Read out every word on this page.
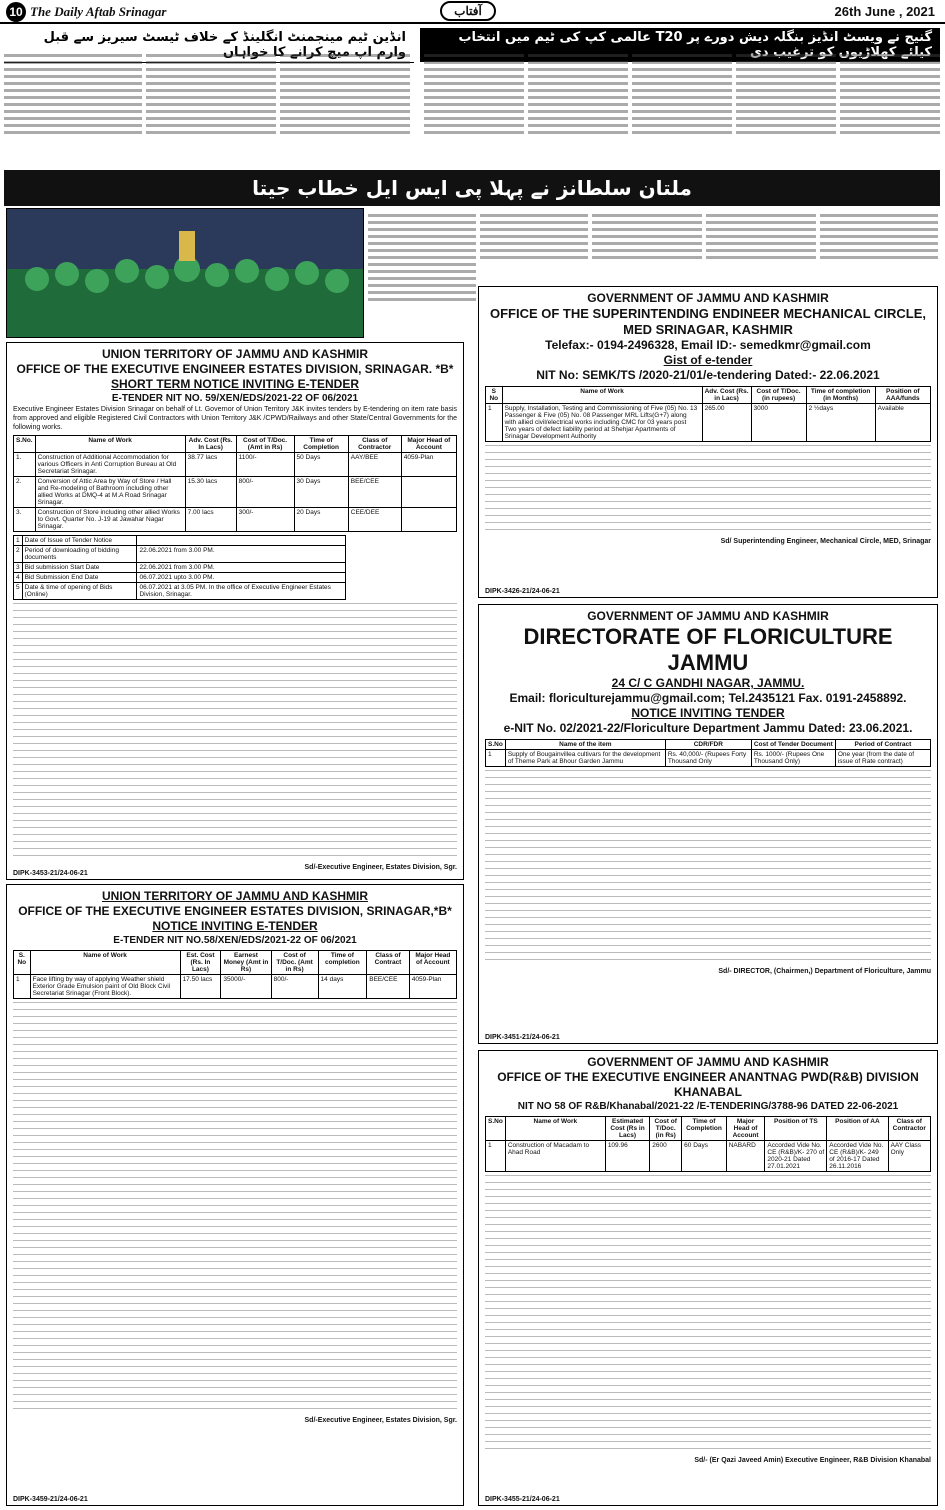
10 The Daily Aftab Srinagar	آفتاب	26th June , 2021
گنیج نے ویسٹ انڈیز بنگلہ دیش دورے پر T20 عالمی کپ کی ٹیم میں انتخاب کیلئے کھلاڑیوں کو ترغیب دی
انڈین ٹیم مینجمنٹ انگلینڈ کے خلاف ٹیسٹ سیریز سے قبل وارم اپ میچ کرانے کا خواہاں
ملتان سلطانز نے پہلا پی ایس ایل خطاب جیتا
UNION TERRITORY OF JAMMU AND KASHMIR
OFFICE OF THE EXECUTIVE ENGINEER ESTATES DIVISION, SRINAGAR. *B*
SHORT TERM NOTICE INVITING E-TENDER
E-TENDER NIT NO. 59/XEN/EDS/2021-22 OF 06/2021
Executive Engineer Estates Division Srinagar on behalf of Lt. Governor of Union Territory J&K invites tenders by E-tendering on item rate basis from approved and eligible Registered Civil Contractors with Union Territory J&K /CPWD/Railways and other State/Central Governments for the following works.
S.No.	Name of Work	Adv. Cost (Rs. In Lacs)	Cost of T/Doc. (Amt in Rs)	Time of Completion	Class of Contractor	Major Head of Account
1.	Construction of Additional Accommodation for various Officers in Anti Corruption Bureau at Old Secretariat Srinagar.	38.77 lacs	1100/-	50 Days	AAY/BEE	4059-Plan
2.	Conversion of Attic Area by Way of Store / Hall and Re-modeling of Bathroom including other allied Works at DMQ-4 at M.A Road Srinagar Srinagar.	15.30 lacs	800/-	30 Days	BEE/CEE	
3.	Construction of Store including other allied Works to Govt. Quarter No. J-19 at Jawahar Nagar Srinagar.	7.00 lacs	300/-	20 Days	CEE/DEE	
1	Date of Issue of Tender Notice	
2	Period of downloading of bidding documents	22.06.2021 from 3.00 PM.
3	Bid submission Start Date	22.06.2021 from 3.00 PM.
4	Bid Submission End Date	06.07.2021 upto 3.00 PM.
5	Date & time of opening of Bids (Online)	06.07.2021 at 3.05 PM. In the office of Executive Engineer Estates Division, Srinagar.
Sd/-Executive Engineer, Estates Division, Sgr.
DIPK-3453-21/24-06-21
UNION TERRITORY OF JAMMU AND KASHMIR
OFFICE OF THE EXECUTIVE ENGINEER ESTATES DIVISION, SRINAGAR,*B*
NOTICE INVITING E-TENDER
E-TENDER NIT NO.58/XEN/EDS/2021-22 OF 06/2021
S. No	Name of Work	Est. Cost (Rs. In Lacs)	Earnest Money (Amt in Rs)	Cost of T/Doc. (Amt in Rs)	Time of completion	Class of Contract	Major Head of Account
1	Face lifting by way of applying Weather shield Exterior Grade Emulsion paint of Old Block Civil Secretariat Srinagar (Front Block).	17.50 lacs	35000/-	800/-	14 days	BEE/CEE	4059-Plan
Sd/-Executive Engineer, Estates Division, Sgr.
DIPK-3459-21/24-06-21
GOVERNMENT OF JAMMU AND KASHMIR
OFFICE OF THE SUPERINTENDING ENDINEER MECHANICAL CIRCLE, MED SRINAGAR, KASHMIR
Telefax:- 0194-2496328, Email ID:- semedkmr@gmail.com
Gist of e-tender
NIT No: SEMK/TS /2020-21/01/e-tendering Dated:- 22.06.2021
S No	Name of Work	Adv. Cost (Rs. in Lacs)	Cost of T/Doc. (in rupees)	Time of completion (in Months)	Position of AAA/funds
1	Supply, Installation, Testing and Commissioning of Five (05) No. 13 Passenger & Five (05) No. 08 Passenger MRL Lifts(G+7) along with allied civil/electrical works including CMC for 03 years post Two years of defect liability period at Shehjar Apartments of Srinagar Development Authority	265.00	3000	2 ½days	Available
Sd/ Superintending Engineer, Mechanical Circle, MED, Srinagar
DIPK-3426-21/24-06-21
GOVERNMENT OF JAMMU AND KASHMIR
DIRECTORATE OF FLORICULTURE JAMMU
24 C/ C GANDHI NAGAR, JAMMU.
Email: floriculturejammu@gmail.com; Tel.2435121 Fax. 0191-2458892.
NOTICE INVITING TENDER
e-NIT No. 02/2021-22/Floriculture Department Jammu Dated: 23.06.2021.
S.No	Name of the item	CDR/FDR	Cost of Tender Document	Period of Contract
1	Supply of Bougainvillea cultivars for the development of Theme Park at Bhour Garden Jammu	Rs. 40,000/- (Rupees Forty Thousand Only	Rs. 1000/- (Rupees One Thousand Only)	One year (from the date of issue of Rate contract)
Sd/- DIRECTOR, (Chairmen,) Department of Floriculture, Jammu
DIPK-3451-21/24-06-21
GOVERNMENT OF JAMMU AND KASHMIR
OFFICE OF THE EXECUTIVE ENGINEER ANANTNAG PWD(R&B) DIVISION KHANABAL
NIT NO 58 OF R&B/Khanabal/2021-22 /E-TENDERING/3788-96 DATED 22-06-2021
S.No	Name of Work	Estimated Cost (Rs in Lacs)	Cost of T/Doc. (in Rs)	Time of Completion	Major Head of Account	Position of TS	Position of AA	Class of Contractor
1	Construction of Macadam to Ahad Road	109.96	2600	60 Days	NABARD	Accorded Vide No. CE (R&B)/K- 270 of 2020-21 Dated 27.01.2021	Accorded Vide No. CE (R&B)/K- 249 of 2016-17 Dated 26.11.2016	AAY Class Only
Sd/- (Er Qazi Javeed Amin) Executive Engineer, R&B Division Khanabal
DIPK-3455-21/24-06-21
